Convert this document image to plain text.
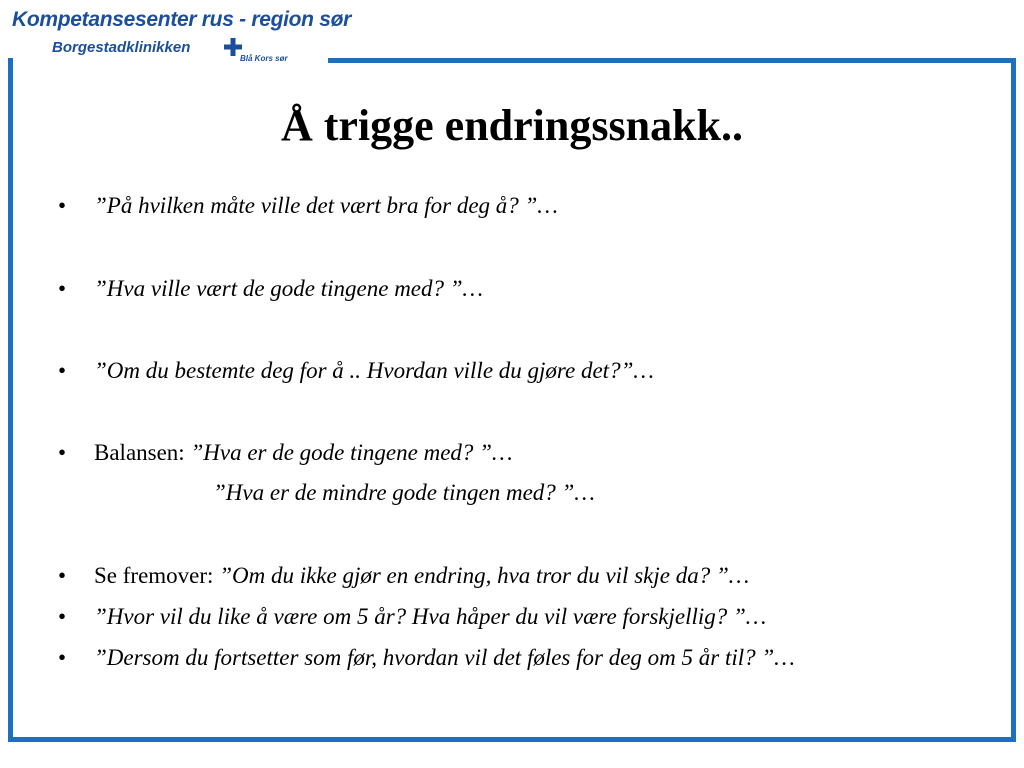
Kompetansesenter rus - region sør
Borgestadklinikken
Blå Kors sør
Å trigge endringssnakk..
• ”På hvilken måte ville det vært bra for deg å? ”…
• ”Hva ville vært de gode tingene med? ”…
• ”Om du bestemte deg for å .. Hvordan ville du gjøre det?”…
• Balansen: ”Hva er de gode tingene med? ”…
”Hva er de mindre gode tingen med? ”…
• Se fremover: ”Om du ikke gjør en endring, hva tror du vil skje da? ”…
• ”Hvor vil du like å være om 5 år? Hva håper du vil være forskjellig? ”…
• ”Dersom du fortsetter som før, hvordan vil det føles for deg om 5 år til? ”…
